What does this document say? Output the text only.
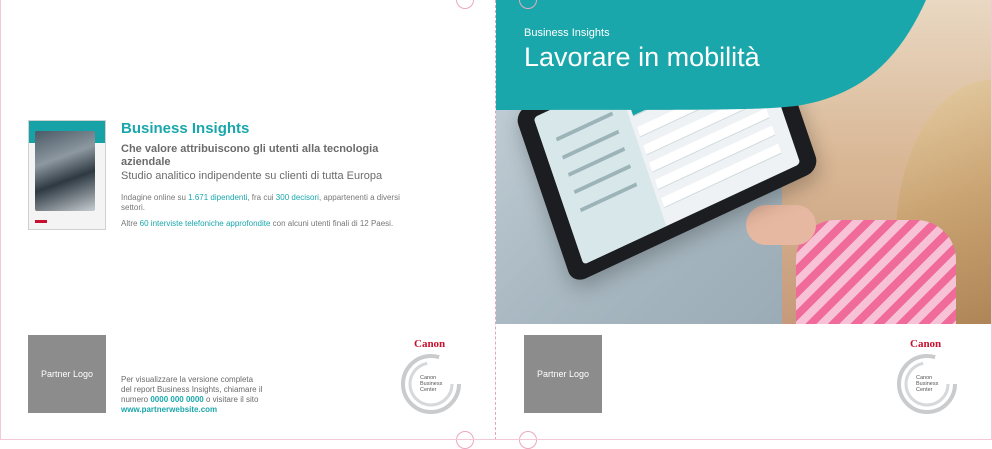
Business Insights
Che valore attribuiscono gli utenti alla tecnologia aziendale
Studio analitico indipendente su clienti di tutta Europa
Indagine online su 1.671 dipendenti, fra cui 300 decisori, appartenenti a diversi settori.
Altre 60 interviste telefoniche approfondite con alcuni utenti finali di 12 Paesi.
Partner Logo
Per visualizzare la versione completa
del report Business Insights, chiamare il
numero 0000 000 0000 o visitare il sito
www.partnerwebsite.com
Canon
Canon
Business
Center
Business Insights
Lavorare in mobilità
Partner Logo
Canon
Canon
Business
Center
